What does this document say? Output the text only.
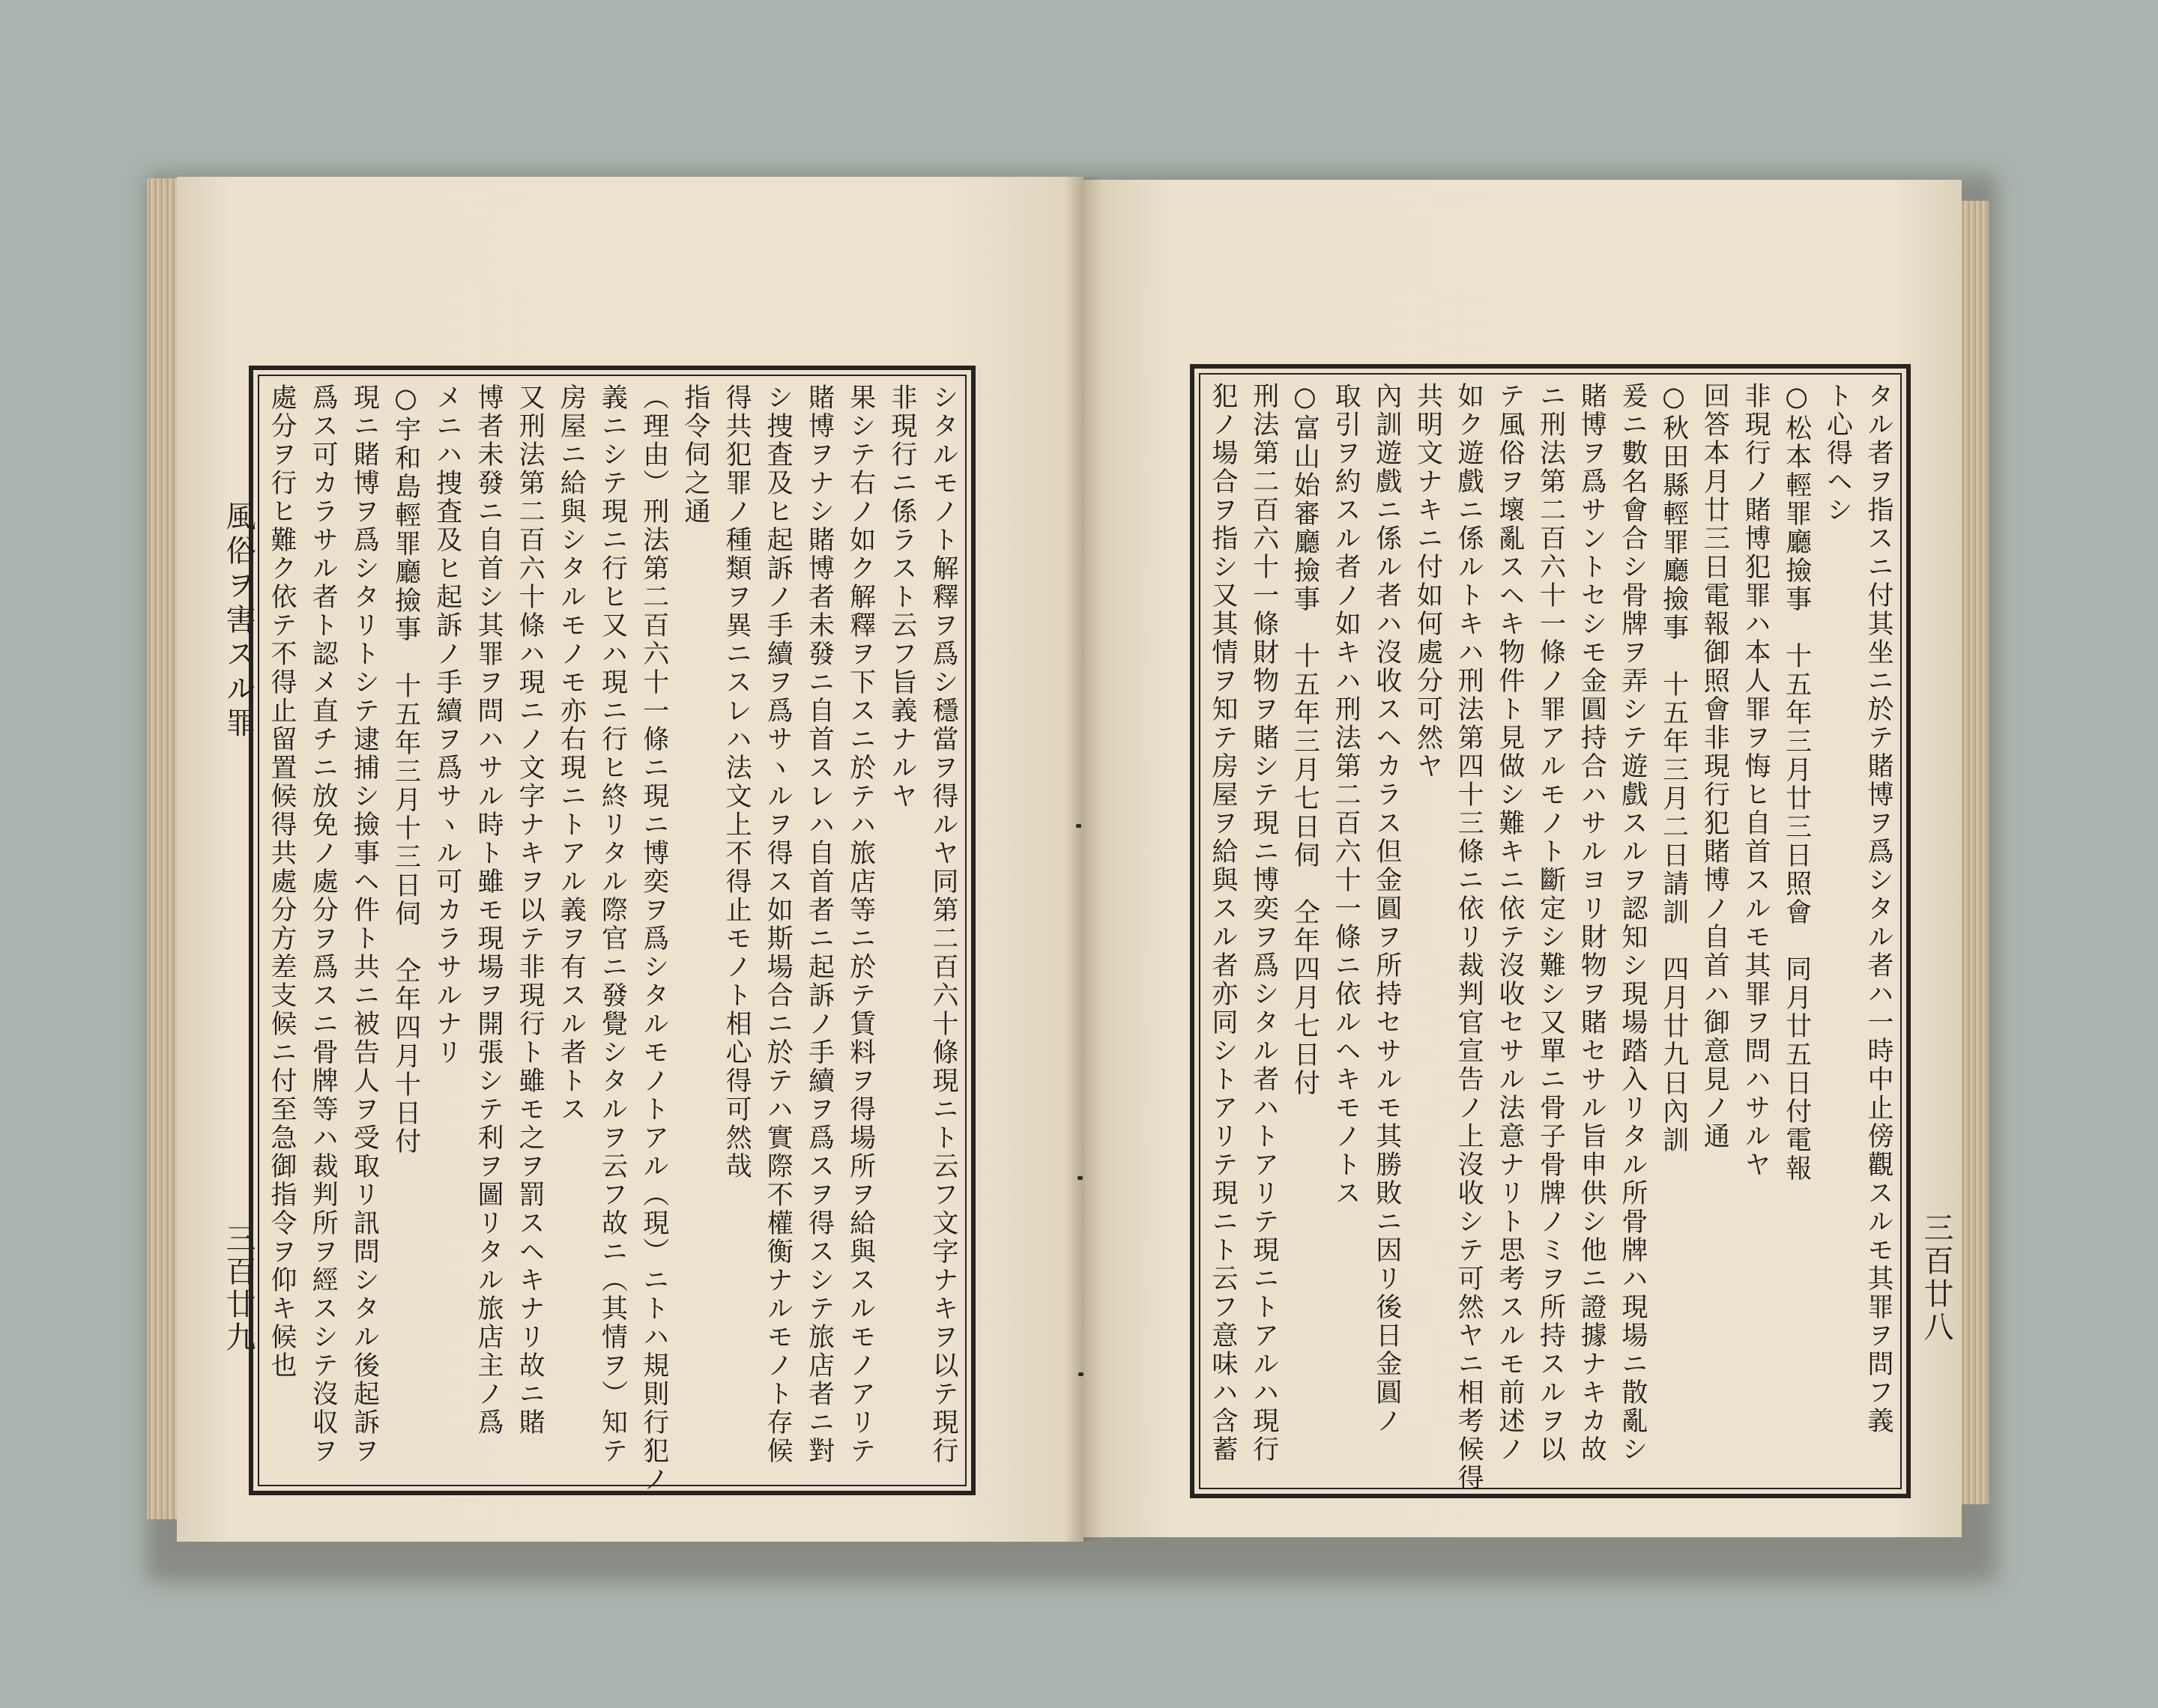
風俗ヲ害スル罪
三百廿九	シタルモノト解釋ヲ爲シ穩當ヲ得ルヤ同第二百六十條現ニト云フ文字ナキヲ以テ現行
非現行ニ係ラスト云フ旨義ナルヤ
果シテ右ノ如ク解釋ヲ下スニ於テハ旅店等ニ於テ賃料ヲ得場所ヲ給與スルモノアリテ
賭博ヲナシ賭博者未發ニ自首スレハ自首者ニ起訴ノ手續ヲ爲スヲ得スシテ旅店者ニ對
シ捜査及ヒ起訴ノ手續ヲ爲サヽルヲ得ス如斯場合ニ於テハ實際不權衡ナルモノト存候
得共犯罪ノ種類ヲ異ニスレハ法文上不得止モノト相心得可然哉
指令伺之通
（理由）刑法第二百六十一條ニ現ニ博奕ヲ爲シタルモノトアル（現）ニトハ規則行犯ノ
義ニシテ現ニ行ヒ又ハ現ニ行ヒ終リタル際官ニ發覺シタルヲ云フ故ニ（其情ヲ）知テ
房屋ニ給與シタルモノモ亦右現ニトアル義ヲ有スル者トス
又刑法第二百六十條ハ現ニノ文字ナキヲ以テ非現行ト雖モ之ヲ罰スヘキナリ故ニ賭
博者未發ニ自首シ其罪ヲ問ハサル時ト雖モ現場ヲ開張シテ利ヲ圖リタル旅店主ノ爲
メニハ捜査及ヒ起訴ノ手續ヲ爲サヽル可カラサルナリ
○宇和島輕罪廳撿事　十五年三月十三日伺　仝年四月十日付
現ニ賭博ヲ爲シタリトシテ逮捕シ撿事ヘ件ト共ニ被告人ヲ受取リ訊問シタル後起訴ヲ
爲ス可カラサル者ト認メ直チニ放免ノ處分ヲ爲スニ骨牌等ハ裁判所ヲ經スシテ沒収ヲ
處分ヲ行ヒ難ク依テ不得止留置候得共處分方差支候ニ付至急御指令ヲ仰キ候也	三百廿八
タル者ヲ指スニ付其坐ニ於テ賭博ヲ爲シタル者ハ一時中止傍觀スルモ其罪ヲ問フ義
ト心得ヘシ
○松本輕罪廳撿事　十五年三月廿三日照會　同月廿五日付電報
非現行ノ賭博犯罪ハ本人罪ヲ悔ヒ自首スルモ其罪ヲ問ハサルヤ
回答本月廿三日電報御照會非現行犯賭博ノ自首ハ御意見ノ通
○秋田縣輕罪廳撿事　十五年三月二日請訓　四月廿九日內訓
爰ニ數名會合シ骨牌ヲ弄シテ遊戲スルヲ認知シ現場踏入リタル所骨牌ハ現場ニ散亂シ
賭博ヲ爲サントセシモ金圓持合ハサルヨリ財物ヲ賭セサル旨申供シ他ニ證據ナキカ故
ニ刑法第二百六十一條ノ罪アルモノト斷定シ難シ又單ニ骨子骨牌ノミヲ所持スルヲ以
テ風俗ヲ壞亂スヘキ物件ト見做シ難キニ依テ沒收セサル法意ナリト思考スルモ前述ノ
如ク遊戲ニ係ルトキハ刑法第四十三條ニ依リ裁判官宣告ノ上沒收シテ可然ヤニ相考候得
共明文ナキニ付如何處分可然ヤ
內訓遊戲ニ係ル者ハ沒收スヘカラス但金圓ヲ所持セサルモ其勝敗ニ因リ後日金圓ノ
取引ヲ約スル者ノ如キハ刑法第二百六十一條ニ依ルヘキモノトス
○富山始審廳撿事　十五年三月七日伺　仝年四月七日付
刑法第二百六十一條財物ヲ賭シテ現ニ博奕ヲ爲シタル者ハトアリテ現ニトアルハ現行
犯ノ場合ヲ指シ又其情ヲ知テ房屋ヲ給與スル者亦同シトアリテ現ニト云フ意味ハ含蓄
